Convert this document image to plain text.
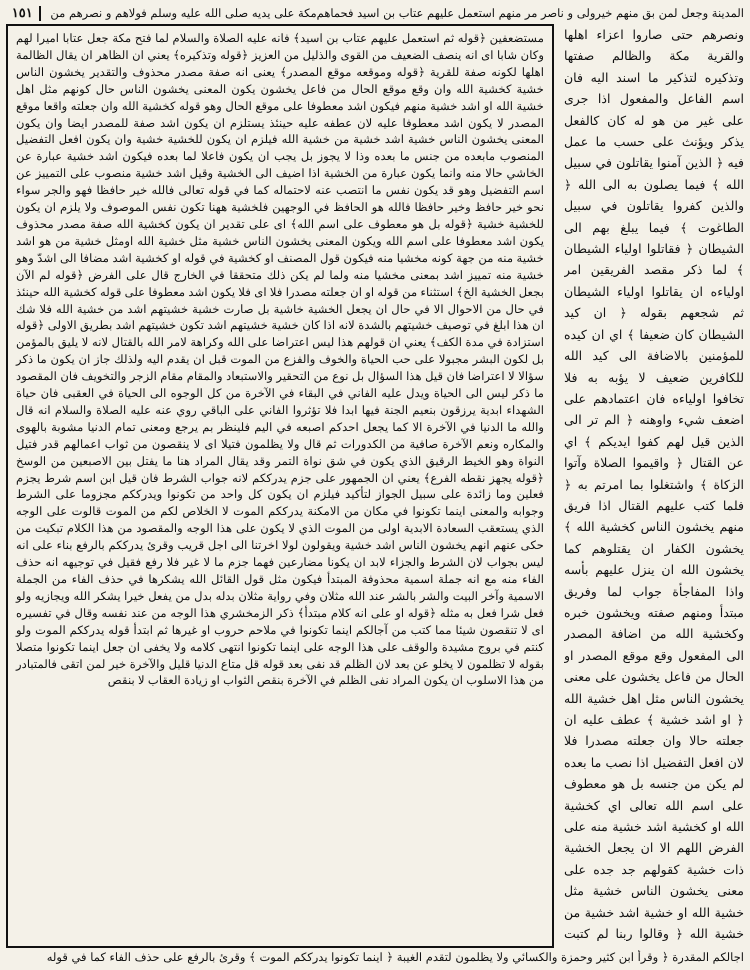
المدينة وجعل لمن بق منهم خيرولى و ناصر مر منهم استعمل عليهم عتاب بن اسيد فحماهم
مكة على يديه صلى الله عليه وسلم فولاهم و نصرهم من ١٥١
مستضعفين ﴿قوله ثم استعمل عليهم عتاب بن اسيد﴾ فانه عليه الصلاة والسلام لما فتح مكة جعل عتابا اميرا لهم وكان شابا اى انه ينصف الضعيف من القوى والذليل من العزيز ﴿قوله وتذكيره﴾ يعني ان الظاهر ان يقال الظالمة اهلها لكونه صفة للقرية ﴿قوله وموقعه موقع المصدر﴾ يعنى انه صفة مصدر محذوف والتقدير يخشون الناس خشية كخشية الله وان وقع موقع الحال من فاعل يخشون يكون المعنى يخشون الناس حال كونهم مثل اهل خشية الله او اشد خشية منهم فيكون اشد معطوفا على موقع الحال وهو قوله كخشية الله وان جعلته واقعا موقع المصدر لا يكون اشد معطوفا عليه لان عطفه عليه حينئذ يستلزم ان يكون اشد صفة للمصدر ايضا وان يكون المعنى يخشون الناس خشية اشد خشية من خشية الله فيلزم ان يكون للخشية خشية وان يكون افعل التفضيل المنصوب مابعده من جنس ما بعده وذا لا يجوز بل يجب ان يكون فاعلا لما بعده فيكون اشد خشية عبارة عن الخاشي حالا منه وانما يكون عبارة من الخشية اذا اضيف الى الخشية وقيل اشد خشية منصوب على التمييز عن اسم التفضيل وهو قد يكون نفس ما انتصب عنه لاحتماله كما في قوله تعالى فالله خير حافظا فهو والجر سواء نحو خير حافظ وخير حافظا فالله هو الحافظ في الوجهين فلخشية ههنا تكون نفس الموصوف ولا يلزم ان يكون للخشية خشية ﴿قوله بل هو معطوف على اسم الله﴾ اى على تقدير ان يكون كخشية الله صفة مصدر محذوف يكون اشد معطوفا على اسم الله ويكون المعنى يخشون الناس خشية مثل خشية الله اومثل خشية من هو اشد خشية منه من جهة كونه مخشيا منه فيكون قول المصنف او كخشية في قوله او كخشية اشد مضافا الى اشدّ وهو خشية منه تمييز اشد بمعنى مخشيا منه ولما لم يكن ذلك متحققا في الخارج قال على الفرض ﴿قوله لم الآن بجعل الخشية الخ﴾ استثناء من قوله او ان جعلته مصدرا فلا اى فلا يكون اشد معطوفا على قوله كخشية الله حينئذ في حال من الاحوال الا في حال ان يجعل الخشية خاشية بل صارت خشية خشيتهم اشد من خشية الله فلا شك ان هذا ابلغ في توصيف خشيتهم بالشدة لانه اذا كان خشية خشيتهم اشد تكون خشيتهم اشد بطريق الاولى ﴿قوله استزادة في مدة الكف﴾ يعني ان قولهم هذا ليس اعتراضا على الله وكراهة لامر الله بالقتال لانه لا يليق بالمؤمن بل لكون البشر مجبولا على حب الحياة والخوف والفزع من الموت قبل ان يقدم اليه ولذلك جاز ان يكون ما ذكر سؤالا لا اعتراضا فان قيل هذا السؤال بل نوع من التحقير والاستبعاد والمقام مقام الزجر والتخويف فان المقصود ما ذكر ليس الى الحياة ويدل عليه الفاني في البقاء في الآخرة من كل الوجوه الى الحياة في العقبى فان حياة الشهداء ابدية يرزقون بنعيم الجنة فيها ابدا فلا تؤثروا الفاني على الباقي روي عنه عليه الصلاة والسلام انه قال والله ما الدنيا في الآخرة الا كما يجعل احدكم اصبعه في اليم فلينظر بم يرجع ومعنى تمام الدنيا مشوبة بالهوى والمكاره ونعم الآخرة صافية من الكدورات ثم قال ولا يظلمون فتيلا اى لا ينقصون من ثواب اعمالهم قدر فتيل النواة وهو الخيط الرقيق الذي يكون في شق نواة التمر وقد يقال المراد هنا ما يفتل بين الاصبعين من الوسخ ﴿قوله يجهز نقطه الفرع﴾ يعني ان الجمهور على جزم يدرككم لانه جواب الشرط فان قيل ابن اسم شرط يجزم فعلين وما زائدة على سبيل الجواز لتأكيد فيلزم ان يكون كل واحد من تكونوا ويدرككم مجزوما على الشرط وجوابه والمعنى اينما تكونوا في مكان من الامكنة يدرككم الموت لا الخلاص لكم من الموت قالوت على الوجه الذي يستعقب السعادة الابدية اولى من الموت الذي لا يكون على هذا الوجه والمقصود من هذا الكلام تبكيت من حكى عنهم انهم يخشون الناس اشد خشية ويقولون لولا اخرتنا الى اجل قريب وقرئ يدرككم بالرفع بناء على انه ليس بجواب لان الشرط والجزاء لابد ان يكونا مضارعين فهما جزم ما لا غير فلا رفع فقيل في توجيهه انه حذف الفاء منه مع انه جملة اسمية محذوفة المبتدأ فيكون مثل قول القائل الله يشكرها في حذف الفاء من الجملة الاسمية وآخر البيت والشر بالشر عند الله مثلان وفي رواية مثلان بدله بدل من يفعل خيرا يشكر الله ويجازيه ولو فعل شرا فعل به مثله ﴿قوله او على انه كلام مبتدأ﴾ ذكر الزمخشري هذا الوجه من عند نفسه وقال في تفسيره اى لا تنقصون شيئا مما كتب من آجالكم اينما تكونوا في ملاحم حروب او غيرها ثم ابتدأ قوله يدرككم الموت ولو كنتم في بروج مشيدة والوقف على هذا الوجه على اينما تكونوا انتهى كلامه ولا يخفى ان جعل اينما تكونوا متصلا بقوله لا تظلمون لا يخلو عن بعد لان الظلم قد نفى بعد قوله قل متاع الدنيا قليل والآخرة خير لمن اتقى فالمتبادر من هذا الاسلوب ان يكون المراد نفى الظلم في الآخرة بنقص الثواب او زيادة العقاب لا بنقص
ونصرهم حتى صاروا اعزاء اهلها والقرية مكة والظالم صفتها وتذكيره لتذكير ما اسند اليه فان اسم الفاعل والمفعول اذا جرى على غير من هو له كان كالفعل يذكر ويؤنث على حسب ما عمل فيه ﴿ الذين آمنوا يقاتلون في سبيل الله ﴾ فيما يصلون به الى الله ﴿ والذين كفروا يقاتلون في سبيل الطاغوت ﴾ فيما يبلغ بهم الى الشيطان ﴿ فقاتلوا اولياء الشيطان ﴾ لما ذكر مقصد الفريقين امر اولياءه ان يقاتلوا اولياء الشيطان ثم شجعهم بقوله ﴿ ان كيد الشيطان كان ضعيفا ﴾ اي ان كيده للمؤمنين بالاضافة الى كيد الله للكافرين ضعيف لا يؤبه به فلا تخافوا اولياءه فان اعتمادهم على اضعف شيء واوهنه ﴿ الم تر الى الذين قيل لهم كفوا ايديكم ﴾ اي عن القتال ﴿ واقيموا الصلاة وآتوا الزكاة ﴾ واشتغلوا بما امرتم به ﴿ فلما كتب عليهم القتال اذا فريق منهم يخشون الناس كخشية الله ﴾ يخشون الكفار ان يقتلوهم كما يخشون الله ان ينزل عليهم بأسه واذا المفاجأة جواب لما وفريق مبتدأ ومنهم صفته ويخشون خبره وكخشية الله من اضافة المصدر الى المفعول وقع موقع المصدر او الحال من فاعل يخشون على معنى يخشون الناس مثل اهل خشية الله ﴿ او اشد خشية ﴾ عطف عليه ان جعلته حالا وان جعلته مصدرا فلا لان افعل التفضيل اذا نصب ما بعده لم يكن من جنسه بل هو معطوف على اسم الله تعالى اي كخشية الله او كخشية اشد خشية منه على الفرض اللهم الا ان يجعل الخشية ذات خشية كقولهم جد جده على معنى يخشون الناس خشية مثل خشية الله او خشية اشد خشية من خشية الله ﴿ وقالوا ربنا لم كتبت
اجالكم المقدرة ﴿ وقرأ ابن كثير وحمزة والكسائي ولا يظلمون لتقدم الغيبة ﴿ اينما تكونوا يدرككم الموت ﴾ وقرئ بالرفع على حذف الفاء كما في قوله
